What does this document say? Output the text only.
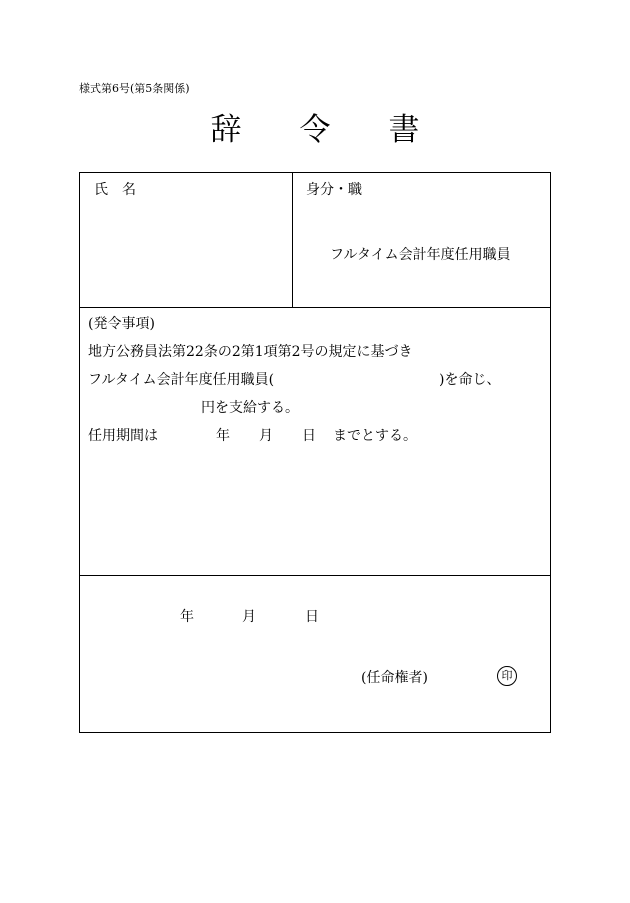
様式第6号(第5条関係)
辞令書
氏　名	身分・職
フルタイム会計年度任用職員
(発令事項)
地方公務員法第22条の2第1項第2号の規定に基づき
フルタイム会計年度任用職員(	)を命じ、
円を支給する。
任用期間は	年 月 日 までとする。
年	月	日
(任命権者)	印
